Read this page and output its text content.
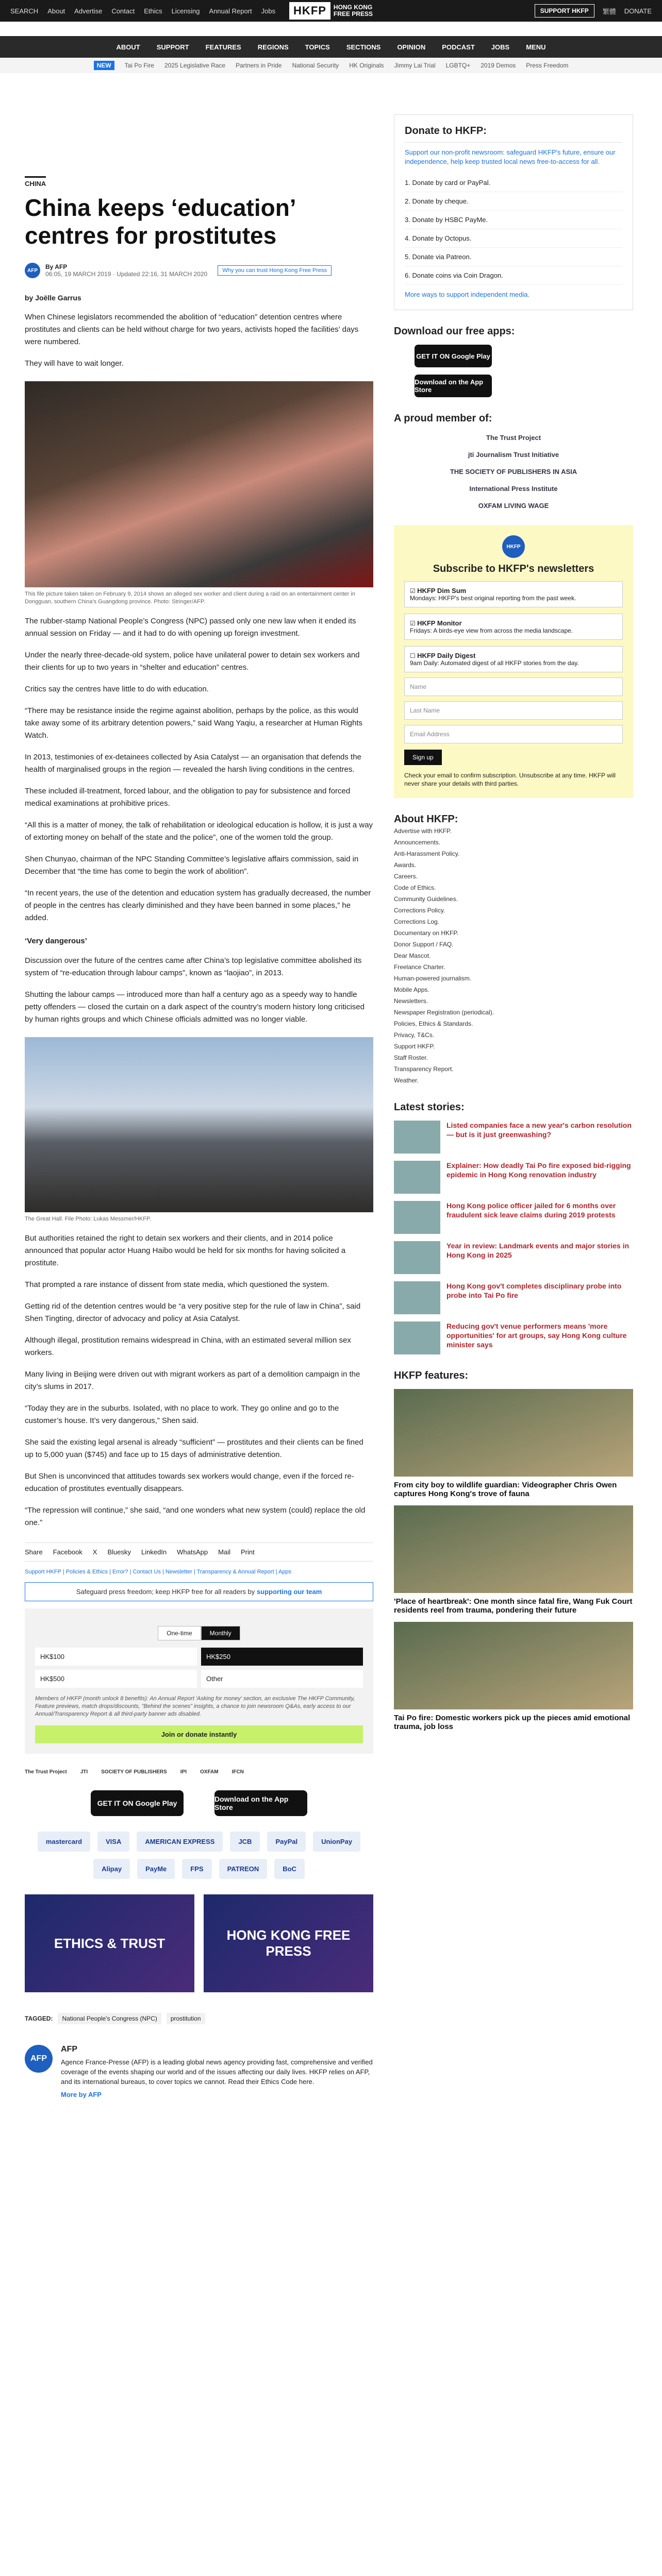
SEARCH About Advertise Contact Ethics Licensing Annual Report Jobs	HKFP	HONG KONG
FREE PRESS	SUPPORT HKFP	繁體 DONATE
ABOUT SUPPORT FEATURES REGIONS TOPICS SECTIONS OPINION PODCAST JOBS MENU
NEW	Tai Po Fire 2025 Legislative Race Partners in Pride National Security HK Originals Jimmy Lai Trial LGBTQ+ 2019 Demos Press Freedom
CHINA
China keeps ‘education’ centres for prostitutes
AFP	By AFP
06:05, 19 MARCH 2019 · Updated 22:16, 31 MARCH 2020	Why you can trust Hong Kong Free Press
by Joëlle Garrus

When Chinese legislators recommended the abolition of “education” detention centres where prostitutes and clients can be held without charge for two years, activists hoped the facilities’ days were numbered.

They will have to wait longer.

This file picture taken taken on February 9, 2014 shows an alleged sex worker and client during a raid on an entertainment center in Dongguan, southern China's Guangdong province. Photo: Stringer/AFP.

The rubber-stamp National People’s Congress (NPC) passed only one new law when it ended its annual session on Friday — and it had to do with opening up foreign investment.

Under the nearly three-decade-old system, police have unilateral power to detain sex workers and their clients for up to two years in “shelter and education” centres.

Critics say the centres have little to do with education.

“There may be resistance inside the regime against abolition, perhaps by the police, as this would take away some of its arbitrary detention powers,” said Wang Yaqiu, a researcher at Human Rights Watch.

In 2013, testimonies of ex-detainees collected by Asia Catalyst — an organisation that defends the health of marginalised groups in the region — revealed the harsh living conditions in the centres.

These included ill-treatment, forced labour, and the obligation to pay for subsistence and forced medical examinations at prohibitive prices.

“All this is a matter of money, the talk of rehabilitation or ideological education is hollow, it is just a way of extorting money on behalf of the state and the police”, one of the women told the group.

Shen Chunyao, chairman of the NPC Standing Committee’s legislative affairs commission, said in December that “the time has come to begin the work of abolition”.

“In recent years, the use of the detention and education system has gradually decreased, the number of people in the centres has clearly diminished and they have been banned in some places,” he added.

‘Very dangerous’

Discussion over the future of the centres came after China’s top legislative committee abolished its system of “re-education through labour camps”, known as “laojiao”, in 2013.

Shutting the labour camps — introduced more than half a century ago as a speedy way to handle petty offenders — closed the curtain on a dark aspect of the country’s modern history long criticised by human rights groups and which Chinese officials admitted was no longer viable.

The Great Hall. File Photo: Lukas Messmer/HKFP.

But authorities retained the right to detain sex workers and their clients, and in 2014 police announced that popular actor Huang Haibo would be held for six months for having solicited a prostitute.

That prompted a rare instance of dissent from state media, which questioned the system.

Getting rid of the detention centres would be “a very positive step for the rule of law in China”, said Shen Tingting, director of advocacy and policy at Asia Catalyst.

Although illegal, prostitution remains widespread in China, with an estimated several million sex workers.

Many living in Beijing were driven out with migrant workers as part of a demolition campaign in the city’s slums in 2017.

“Today they are in the suburbs. Isolated, with no place to work. They go online and go to the customer’s house. It’s very dangerous,” Shen said.

She said the existing legal arsenal is already “sufficient” — prostitutes and their clients can be fined up to 5,000 yuan ($745) and face up to 15 days of administrative detention.

But Shen is unconvinced that attitudes towards sex workers would change, even if the forced re-education of prostitutes eventually disappears.

“The repression will continue,” she said, “and one wonders what new system (could) replace the old one.”

Share Facebook X Bluesky LinkedIn WhatsApp Mail Print
Support HKFP | Policies & Ethics | Error? | Contact Us | Newsletter | Transparency & Annual Report | Apps
Safeguard press freedom; keep HKFP free for all readers by supporting our team
One-time	Monthly
HK$100	HK$250
HK$500	Other
Members of HKFP (month unlock 8 benefits): An Annual Report 'Asking for money' section, an exclusive The HKFP Community, Feature previews, match drops/discounts, "Behind the scenes" insights, a chance to join newsroom Q&As, early access to our Annual/Transparency Report & all third-party banner ads disabled.
Join or donate instantly
The Trust Project	JTI	SOCIETY OF PUBLISHERS	IPI	OXFAM	IFCN
GET IT ON Google Play	Download on the App Store
mastercard	VISA	AMERICAN EXPRESS	JCB	PayPal	UnionPay
Alipay	PayMe	FPS	PATREON	BoC
ETHICS & TRUST
HONG KONG FREE PRESS
TAGGED:	National People's Congress (NPC)	prostitution
AFP
AFP

Agence France-Presse (AFP) is a leading global news agency providing fast, comprehensive and verified coverage of the events shaping our world and of the issues affecting our daily lives. HKFP relies on AFP, and its international bureaus, to cover topics we cannot. Read their Ethics Code here.

More by AFP

Donate to HKFP:

Support our non-profit newsroom: safeguard HKFP's future, ensure our independence, help keep trusted local news free-to-access for all.

1. Donate by card or PayPal.
2. Donate by cheque.
3. Donate by HSBC PayMe.
4. Donate by Octopus.
5. Donate via Patreon.
6. Donate coins via Coin Dragon.

More ways to support independent media.

Download our free apps:
GET IT ON Google Play
Download on the App Store
A proud member of:
The Trust Project
jti Journalism Trust Initiative
THE SOCIETY OF PUBLISHERS IN ASIA
International Press Institute
OXFAM LIVING WAGE
HKFP
Subscribe to HKFP's newsletters
☑ HKFP Dim Sum
Mondays: HKFP's best original reporting from the past week.
☑ HKFP Monitor
Fridays: A birds-eye view from across the media landscape.
☐ HKFP Daily Digest
9am Daily: Automated digest of all HKFP stories from the day.
Name
Last Name
Email Address
Sign up

Check your email to confirm subscription. Unsubscribe at any time. HKFP will never share your details with third parties.

About HKFP:
Advertise with HKFP.
Announcements.
Anti-Harassment Policy.
Awards.
Careers.
Code of Ethics.
Community Guidelines.
Corrections Policy.
Corrections Log.
Documentary on HKFP.
Donor Support / FAQ.
Dear Mascot.
Freelance Charter.
Human-powered journalism.
Mobile Apps.
Newsletters.
Newspaper Registration (periodical).
Policies, Ethics & Standards.
Privacy, T&Cs.
Support HKFP.
Staff Roster.
Transparency Report.
Weather.
Latest stories:
Listed companies face a new year's carbon resolution — but is it just greenwashing?
Explainer: How deadly Tai Po fire exposed bid-rigging epidemic in Hong Kong renovation industry
Hong Kong police officer jailed for 6 months over fraudulent sick leave claims during 2019 protests
Year in review: Landmark events and major stories in Hong Kong in 2025
Hong Kong gov't completes disciplinary probe into probe into Tai Po fire
Reducing gov't venue performers means 'more opportunities' for art groups, say Hong Kong culture minister says
HKFP features:
From city boy to wildlife guardian: Videographer Chris Owen captures Hong Kong's trove of fauna
'Place of heartbreak': One month since fatal fire, Wang Fuk Court residents reel from trauma, pondering their future
Tai Po fire: Domestic workers pick up the pieces amid emotional trauma, job loss
